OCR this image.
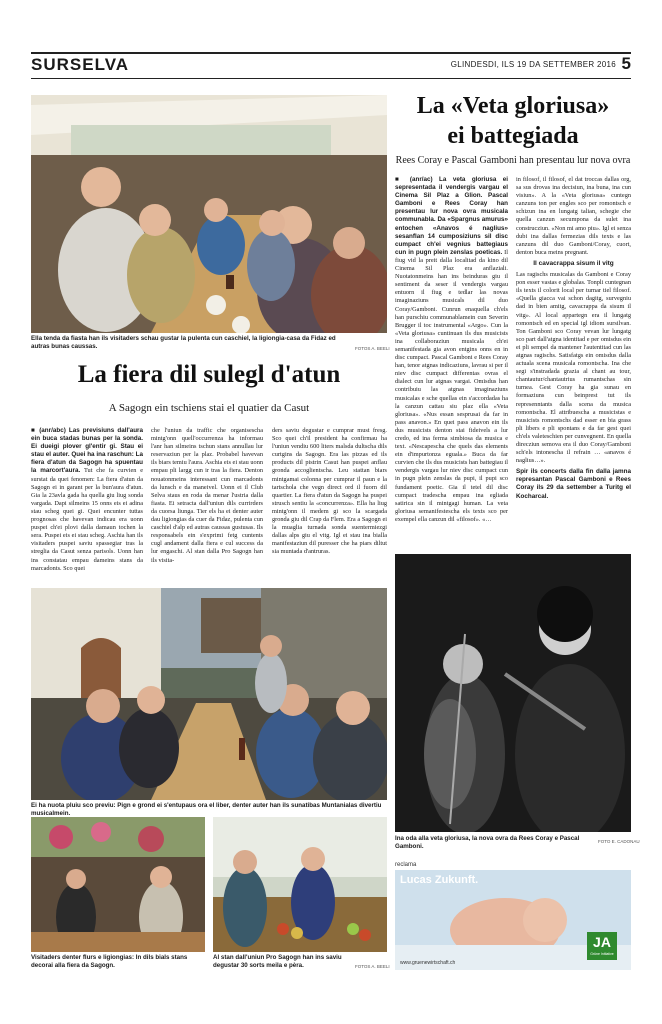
SURSELVA	GLINDESDI, ILS 19 DA SETTEMBER 2016 5
Ella tenda da fiasta han ils visitaders schau gustar la pulenta cun caschiel, la ligiongia-casa da Fidaz ed autras bunas caussas.	FOTOS A. BEELI
La fiera dil sulegl d'atun
A Sagogn ein tschiens stai el quatier da Casut
■ (anr/abc) Las previsiuns dall'aura ein buca stadas bunas per la sonda. Ei dueigi plover gl'entir gi. Stau ei stau el auter. Quei ha ina raschun: La fiera d'atun da Sagogn ha spuentau la marcort'aura. Tut che fa curvien e surstat da quei fenomen: La fiera d'atun da Sagogn ei in garant per la bun'aura d'atun. Gia la 23avla gada ha quella giu liug sonda vargada. Dapi silmeins 15 onns eis ei adina stau scheg quei gi. Quei encunter tuttas prognosas che havevan indicau era uonn puspei ch'ei plovi dalla damaun tochen la sera. Puspei eis ei stau scheg. Aschia han ils visitaders puspei saviu spassegiar tras la streglia da Casut senza parisols. Uonn han ins constatau empau dameins stans da marcadonts. Sco quei
che l'uniun da traffic che organisescha mintg'onn quell'occurrenza ha informau l'anr han silmeins tschun stans annullau lur reservaziun per la plaz. Probabel havevan ils biars temiu l'aura. Aschia eis ei stau uonn empau pli largg cun ir tras la fiera. Denton nouatonmeins interessant cun marcadonts da lunsch e da maneivel. Uonn ei il Club Selva staus en roda da menar l'ustria dalla fiasta. Ei setracta dall'uniun dils currirders da cuorsa liunga. Tier els ha ei denter auter dau ligiongias da cuer da Fidaz, pulenta cun caschiel d'alp ed autras caussas gustusas. Ils responsabels ein s'exprimi fetg cuntents cugl andament dalla fiera e cul success da lur engaschi. Al stan dalla Pro Sagogn han ils visita-
ders saviu degustar e cumprar must fresg. Sco quei ch'il president ha confirmau ha l'uniun vendiu 600 liters malsda dultscha dils curtgins da Sagogn. Era las pizzas ed ils products dil pistrin Casut han puspei anflau gronda accoglientscha. Leu stattan biars mintgamai colonna per cumprar il paun e la tartschola che vegn direct ord il fuorn dil quartier. La fiera d'atun da Sagogn ha puspei strusch sentiu la «concurrenza». Ella ha liug mintg'onn il medem gi sco la scargada gronda giu dil Crap da Flem. Era a Sagogn ei la muaglia turnada sonda suentermiezgi dallas alps giu el vitg. Igl ei stau ina bialla manifestaziun dil puresser che ha piars diltut sia muntada d'antruras.
Ei ha nuota pluiu sco previu: Pign e grond ei s'entupaus ora el liber, denter auter han ils sunatibas Muntanialas divertiu musicalmein.
Visitaders denter flurs e ligiongias: In dils bials stans decorai alla fiera da Sagogn.
Al stan dall'uniun Pro Sagogn han ins saviu degustar 30 sorts meila e pèra.	FOTOS A. BEELI
La «Veta gloriusa»
ei battegiada
Rees Coray e Pascal Gamboni han presentau lur nova ovra
■ (anr/ac) La veta gloriusa ei sepresentada il vendergis vargau el Cinema Sil Plaz a Glion. Pascal Gamboni e Rees Coray han presentau lur nova ovra musicala communabla. Da «Spargnus amurus» entochen «Anavos é naglius» sesanflan 14 cumposiziuns sil disc cumpact ch'ei vegnius battegiaus cun in pugn plein zenslas poeticas. Il fiug vid la preit dalla localitad da kino dil Cinema Sil Plaz era anflaziali. Nuotatonmeins han ins beinduras giu il sentiment da seser il vendergis vargau entuorn il fiug e tedlar las novas imaginaziuns musicals dil duo Coray/Gamboni. Cunrun enaquella ch'els han purschiu communablamein cun Severin Brugger il toc instrumental «Argo». Cun la «Veta gloriusa» cuntinuan ils dus musicists ina collaboraziun musicala ch'ei semanifestada gia avon entgins onns en in disc cumpact. Pascal Gamboni e Rees Coray han, tenor atgnas indicaziuns, lavrau si per il niev disc cumpact differentas ovras el dialect cun lur atgnas vargai. Omisdus han contribuiu las atgnas imaginaziuns musicalas e sche quellas ein s'accordadas ha la canzun cattau siu plaz ella «Veta gloriusa». «Nus essan sesprusai da far in pass anavon.» En quei pass anavon ein ils dus musicists denton stai fideivels a lur credo, ed ina ferma simbiosa da musica e text. «Nescapescha che quels das elements ein d'impurtonza eguala.» Buca da far curvien che ils dus musicists han battegiau il vendergis vargau lur niev disc cumpact cun in pugn plein zenslas da pupi, il pupi sco fundament poetic. Gia il tetel dil disc cumpact tradescha empau ina egliada satirica sin il mintgagi human. La veta gloriusa semanifestescha els texts sco per exempel ella canzun dil «filosof». «…
in filosof, il filosof, el dat troccas dallas org, sa sus drovas ina decisiun, ina buna, ina cun visiun». A la «Veta gloriusa» cuntegn canzuns ton per engles sco per romontsch e schizun ina en lungatg talian, schegie che quella canzun secumpona da sulet ina construcziun. «Non mi amo piu». Igl ei senza dubi ina dallas fermezias dils texts e las canzuns dil duo Gamboni/Coray, cuort, denton buca meins pregnant.
Il cavacrappa sisum il vitg
Las ragischs musicalas da Gamboni e Coray pon esser vastas e globalas. Tonpli cuntegnan ils texts il colorit local per turnar tiel filosof. «Quella giacca vai schon dagitg, survegniu dad in bien amitg, cavacrappa da sisum il vitg». Al local appartegn era il lungatg romontsch ed en special igl idiom sursilvan. Ton Gamboni sco Coray vevan lur lungatg sco part dall'atgna identitad e per omisdus ein ei pli sempel da mantener l'autentitad cun las atgnas ragischs. Satisfatgs ein omisdus dalla actuala scena musicala romontscha. Ina che segi s'instradada grazia al chant au tour, chantautur/chantautrius rumantschas sin turnea. Gest Coray ha gia sunau en formaziuns cun beinprest tut ils represenntants dalla scena da musica romontscha. El attribuescha a musicistas e musicists romontschs dad esser en bia grass pli libers e pli spontans e da far gest quei ch'els valeteschien per cunvegnent. En quella direcziun semova era il duo Coray/Gamboni sch'els intonescha il refrain … «anavos é naglius…».
Spir ils concerts dalla fin dalla jamna represantan Pascal Gamboni e Rees Coray ils 29 da settember a Turitg el Kocharcal.
Ina oda alla veta gloriusa, la nova ovra da Rees Coray e Pascal Gamboni.
FOTO E. CADONAU
reclama
Lucas Zukunft.
JA
Grüne Initiative
www.gruenewirtschaft.ch
